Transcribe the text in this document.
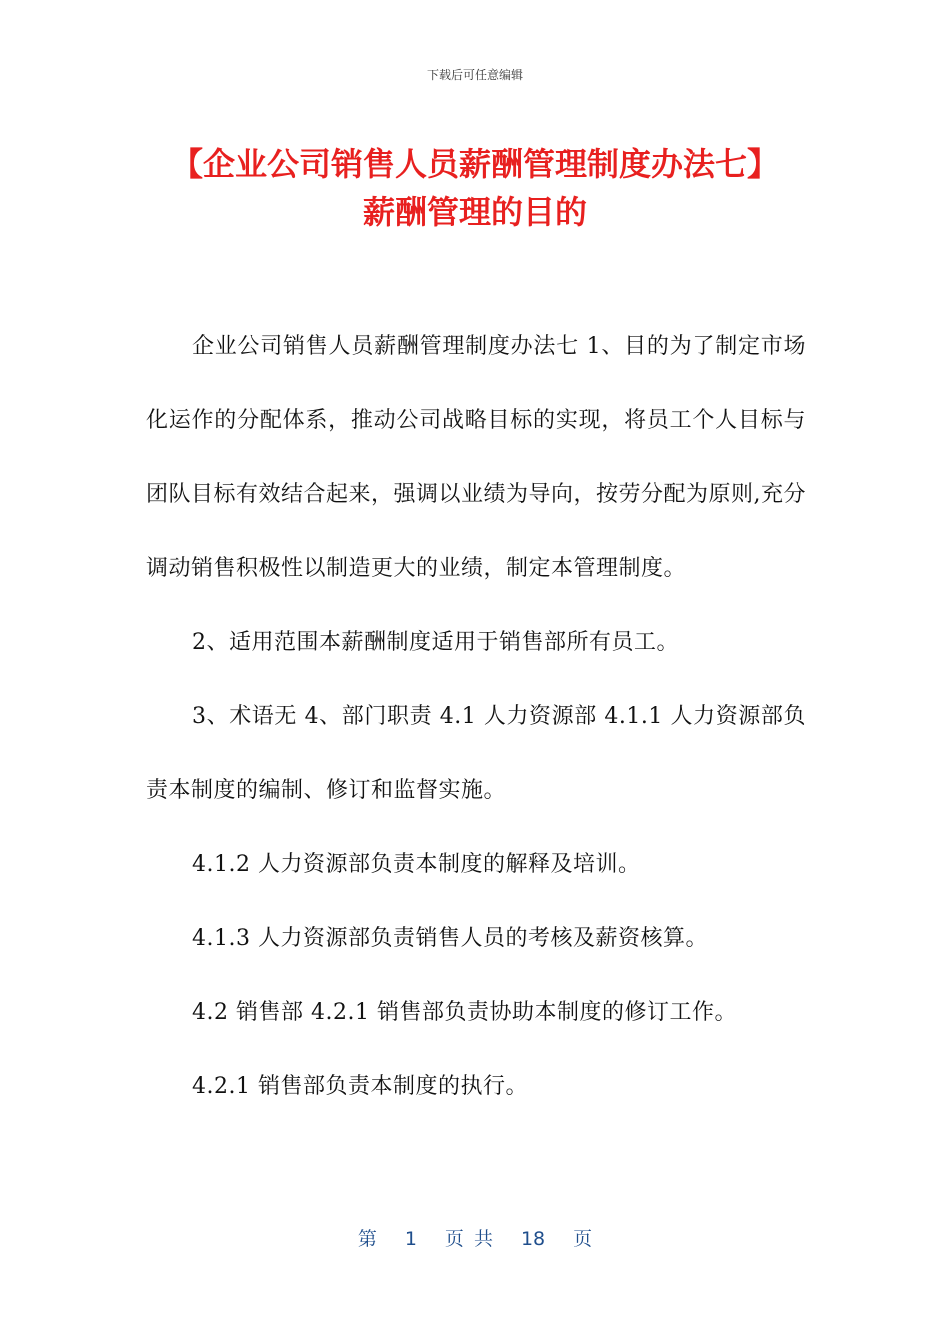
下载后可任意编辑
【企业公司销售人员薪酬管理制度办法七】
薪酬管理的目的

企业公司销售人员薪酬管理制度办法七 1、目的为了制定市场化运作的分配体系，推动公司战略目标的实现，将员工个人目标与团队目标有效结合起来，强调以业绩为导向，按劳分配为原则,充分调动销售积极性以制造更大的业绩，制定本管理制度。

2、适用范围本薪酬制度适用于销售部所有员工。

3、术语无 4、部门职责 4.1 人力资源部 4.1.1 人力资源部负责本制度的编制、修订和监督实施。

4.1.2 人力资源部负责本制度的解释及培训。

4.1.3 人力资源部负责销售人员的考核及薪资核算。

4.2 销售部 4.2.1 销售部负责协助本制度的修订工作。

4.2.1 销售部负责本制度的执行。

第 1 页 共 18 页
